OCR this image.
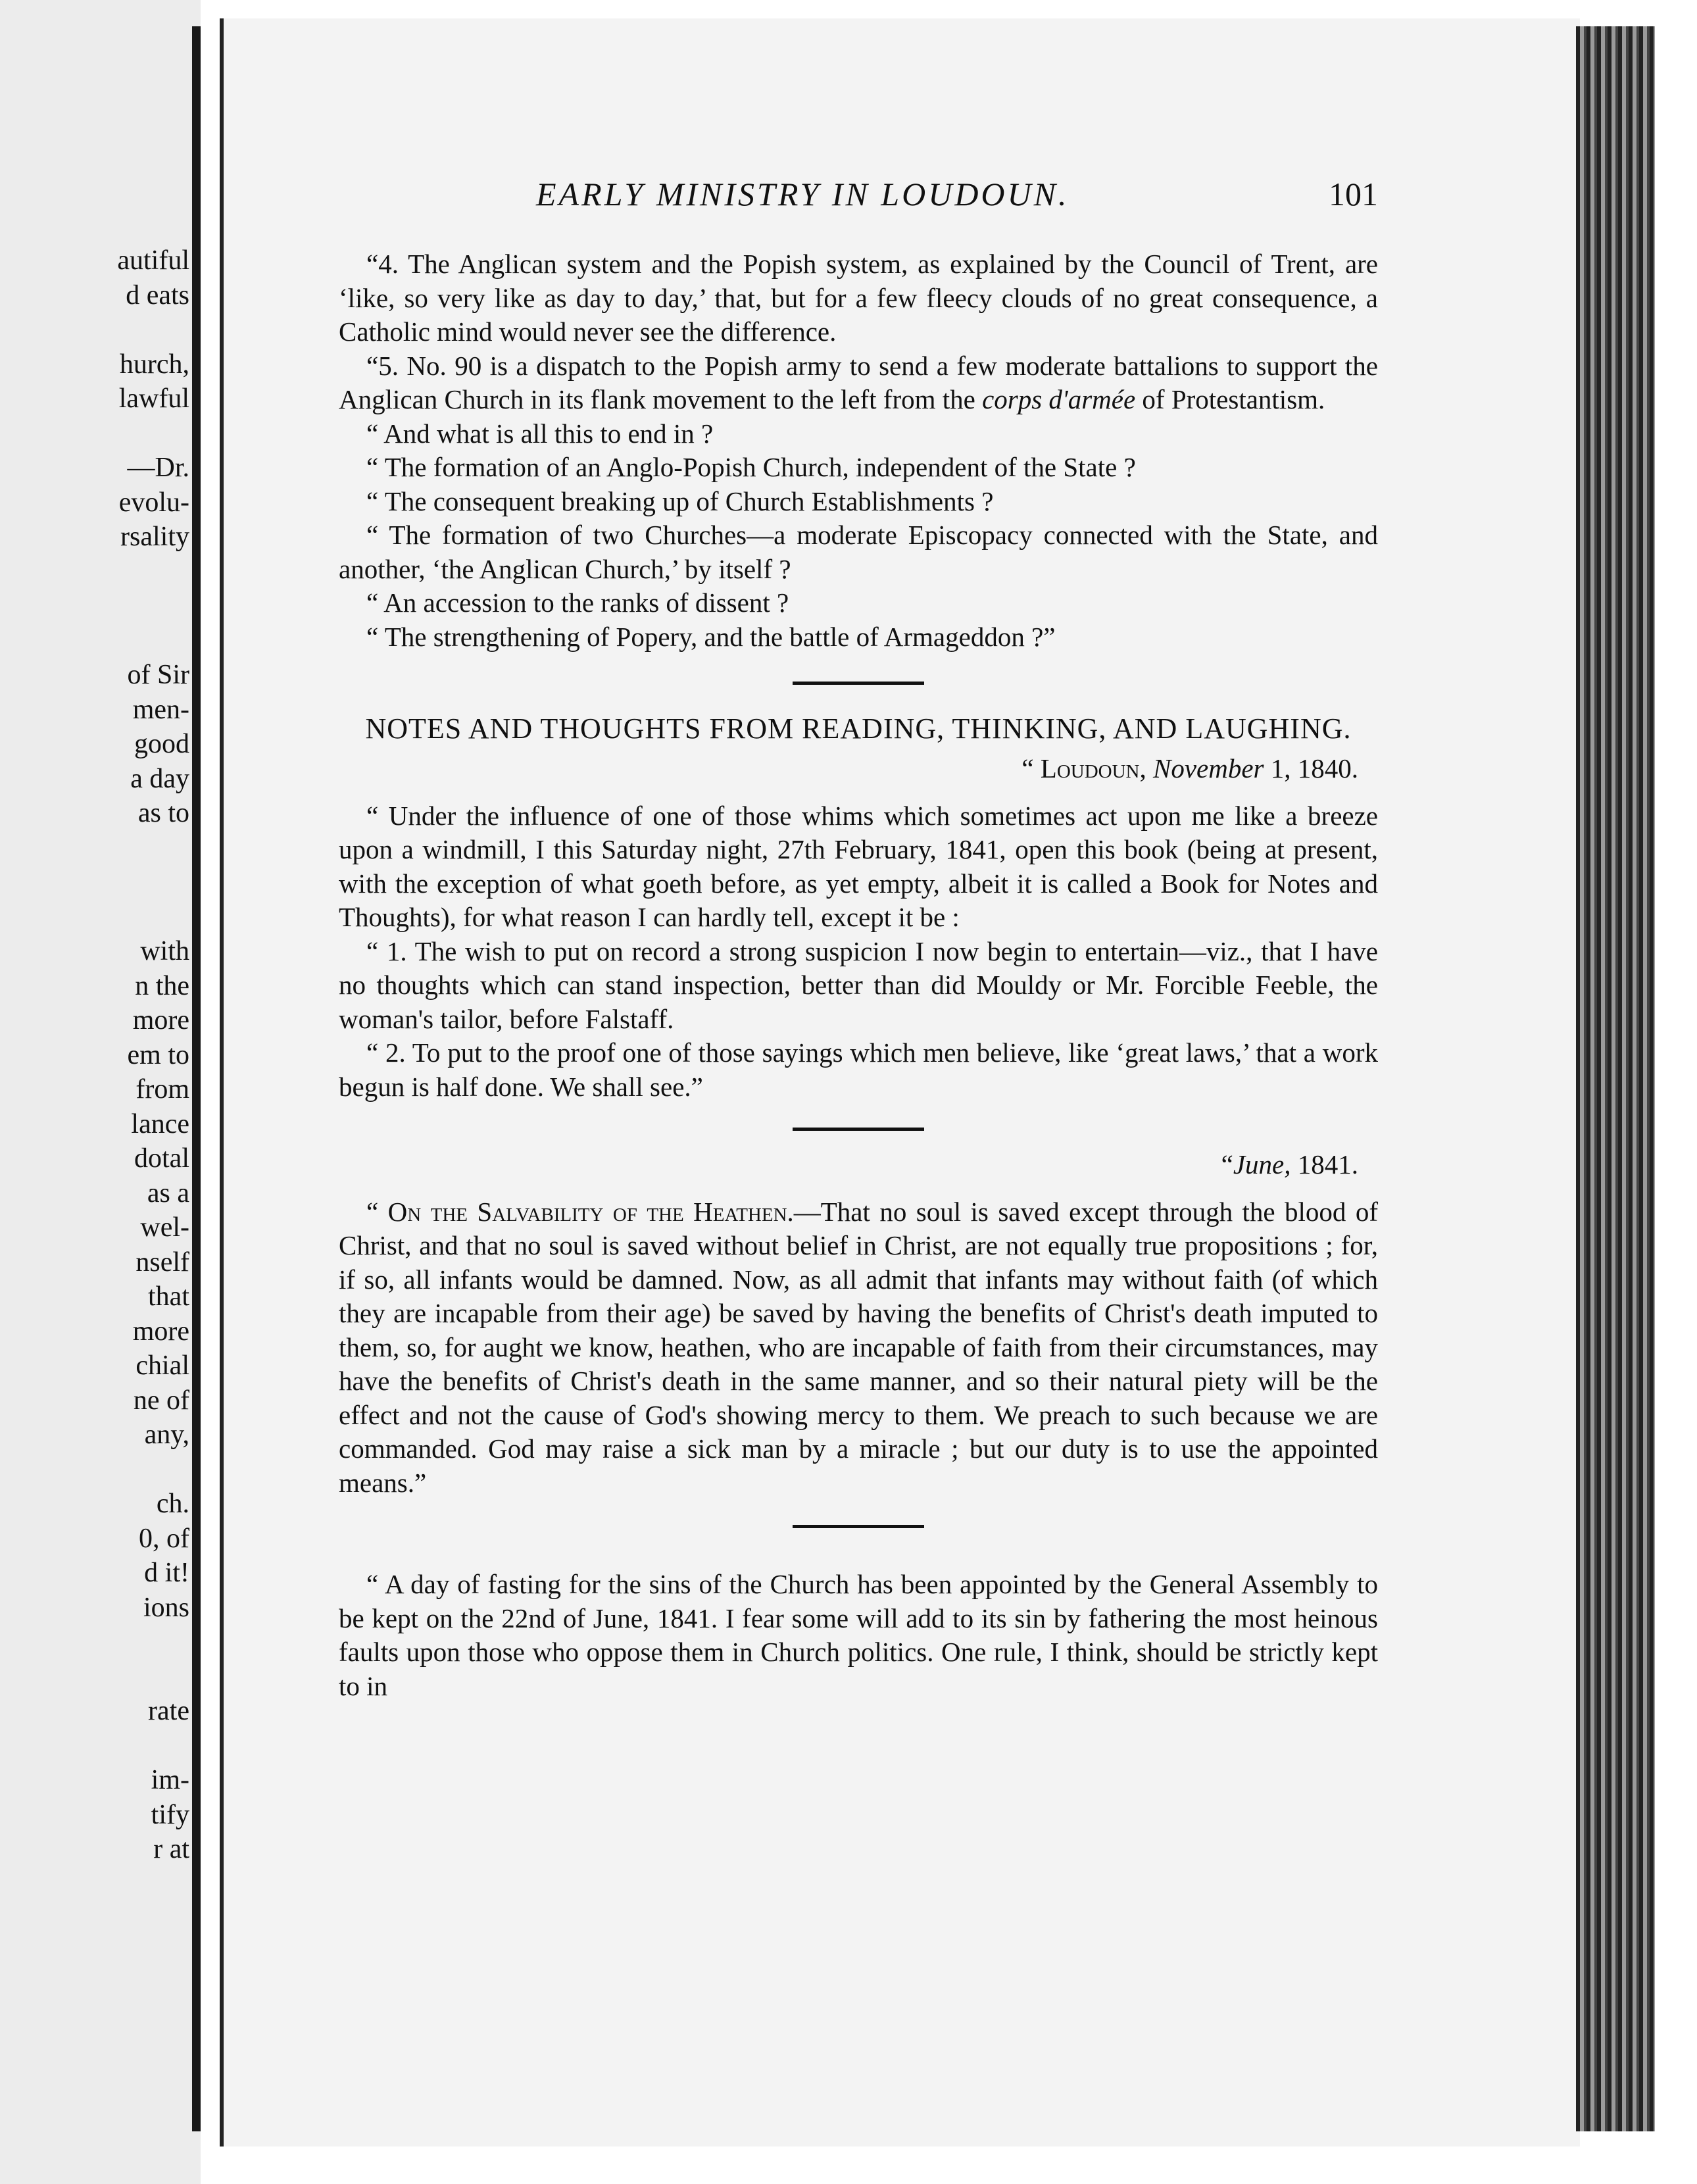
autiful
d eats
hurch,
lawful
—Dr.
evolu-
rsality
of Sir
men-
good
a day
as to
with
n the
more
em to
from
lance
dotal
as a
wel-
nself
that
more
chial
ne of
any,
ch.
0, of
d it!
ions
rate
im-
tify
r at
EARLY MINISTRY IN LOUDOUN.	101

“4. The Anglican system and the Popish system, as explained by the Council of Trent, are ‘like, so very like as day to day,’ that, but for a few fleecy clouds of no great consequence, a Catholic mind would never see the difference.

“5. No. 90 is a dispatch to the Popish army to send a few moderate battalions to support the Anglican Church in its flank movement to the left from the corps d'armée of Protestantism.

“ And what is all this to end in ?

“ The formation of an Anglo-Popish Church, independent of the State ?

“ The consequent breaking up of Church Establishments ?

“ The formation of two Churches—a moderate Episcopacy connected with the State, and another, ‘the Anglican Church,’ by itself ?

“ An accession to the ranks of dissent ?

“ The strengthening of Popery, and the battle of Armageddon ?”

NOTES AND THOUGHTS FROM READING, THINKING, AND LAUGHING.
“ Loudoun, November 1, 1840.

“ Under the influence of one of those whims which sometimes act upon me like a breeze upon a windmill, I this Saturday night, 27th February, 1841, open this book (being at present, with the exception of what goeth before, as yet empty, albeit it is called a Book for Notes and Thoughts), for what reason I can hardly tell, except it be :

“ 1. The wish to put on record a strong suspicion I now begin to entertain—viz., that I have no thoughts which can stand inspection, better than did Mouldy or Mr. Forcible Feeble, the woman's tailor, before Falstaff.

“ 2. To put to the proof one of those sayings which men believe, like ‘great laws,’ that a work begun is half done. We shall see.”

“June, 1841.

“ On the Salvability of the Heathen.—That no soul is saved except through the blood of Christ, and that no soul is saved without belief in Christ, are not equally true propositions ; for, if so, all infants would be damned. Now, as all admit that infants may without faith (of which they are incapable from their age) be saved by having the benefits of Christ's death imputed to them, so, for aught we know, heathen, who are incapable of faith from their circumstances, may have the benefits of Christ's death in the same manner, and so their natural piety will be the effect and not the cause of God's showing mercy to them. We preach to such because we are commanded. God may raise a sick man by a miracle ; but our duty is to use the appointed means.”

“ A day of fasting for the sins of the Church has been appointed by the General Assembly to be kept on the 22nd of June, 1841. I fear some will add to its sin by fathering the most heinous faults upon those who oppose them in Church politics. One rule, I think, should be strictly kept to in
